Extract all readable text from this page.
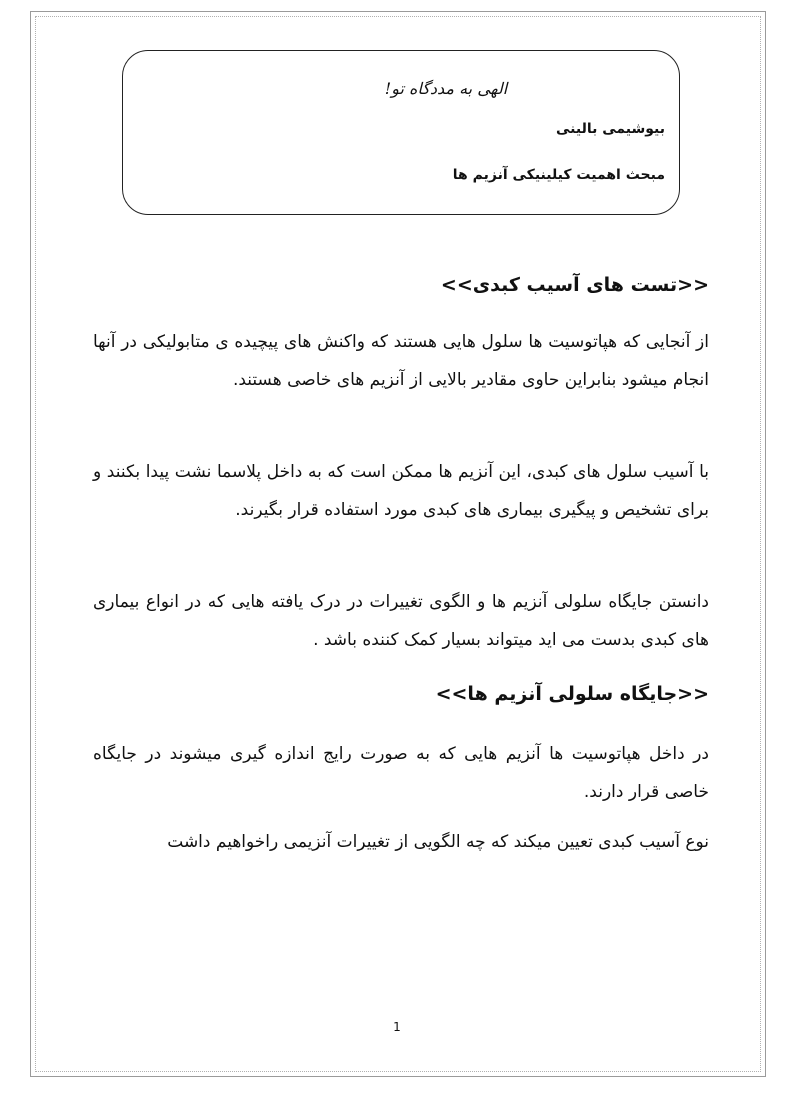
الهی به مددگاه تو!
بیوشیمی بالینی
مبحث اهمیت کیلینیکی آنزیم ها
<<تست های آسیب کبدی>>
از آنجایی که هپاتوسیت ها سلول هایی هستند که واکنش های پیچیده ی متابولیکی در آنها انجام میشود بنابراین حاوی مقادیر بالایی از آنزیم های خاصی هستند.
با آسیب سلول های کبدی، این آنزیم ها ممکن است که به داخل پلاسما نشت پیدا بکنند و برای تشخیص و پیگیری بیماری های کبدی مورد استفاده قرار بگیرند.
دانستن جایگاه سلولی آنزیم ها و الگوی تغییرات در درک یافته هایی که در انواع بیماری های کبدی بدست می اید میتواند بسیار کمک کننده باشد .
<<جایگاه سلولی آنزیم ها>>
در داخل هپاتوسیت ها آنزیم هایی که به صورت رایج اندازه گیری میشوند در جایگاه خاصی قرار دارند.
نوع آسیب کبدی تعیین میکند که چه الگویی از تغییرات آنزیمی راخواهیم داشت
1
